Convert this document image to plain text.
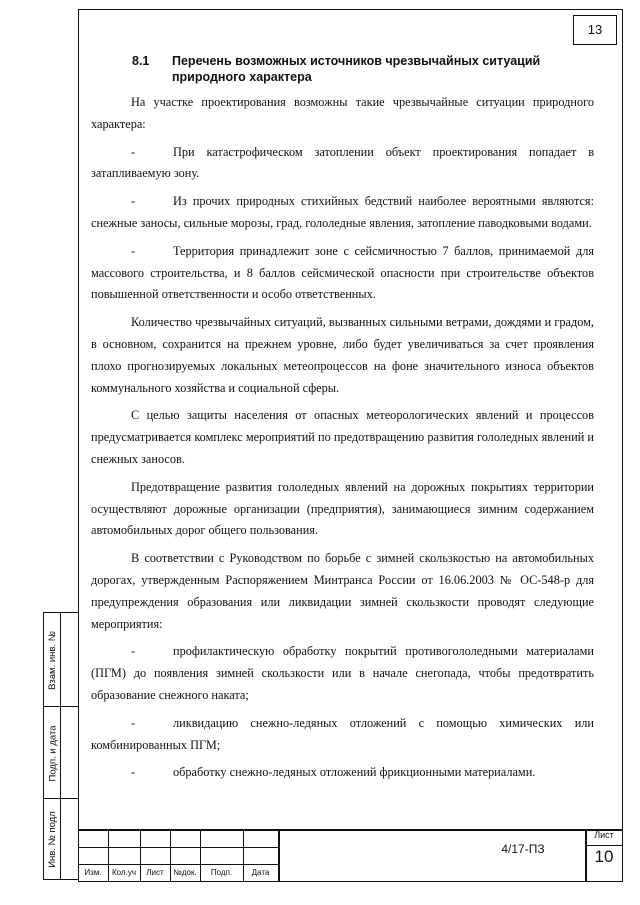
13
8.1 Перечень возможных источников чрезвычайных ситуаций природного характера

На участке проектирования возможны такие чрезвычайные ситуации природного характера:

-	При катастрофическом затоплении объект проектирования попадает в затапливаемую зону.

-	Из прочих природных стихийных бедствий наиболее вероятными являются: снежные заносы, сильные морозы, град, гололедные явления, затопление паводковыми водами.

-	Территория принадлежит зоне с сейсмичностью 7 баллов, принимаемой для массового строительства, и 8 баллов сейсмической опасности при строительстве объектов повышенной ответственности и особо ответственных.

Количество чрезвычайных ситуаций, вызванных сильными ветрами, дождями и градом, в основном, сохранится на прежнем уровне, либо будет увеличиваться за счет проявления плохо прогнозируемых локальных метеопроцессов на фоне значительного износа объектов коммунального хозяйства и социальной сферы.

С целью защиты населения от опасных метеорологических явлений и процессов предусматривается комплекс мероприятий по предотвращению развития гололедных явлений и снежных заносов.

Предотвращение развития гололедных явлений на дорожных покрытиях территории осуществляют дорожные организации (предприятия), занимающиеся зимним содержанием автомобильных дорог общего пользования.

В соответствии с Руководством по борьбе с зимней скользкостью на автомобильных дорогах, утвержденным Распоряжением Минтранса России от 16.06.2003 № ОС-548-р для предупреждения образования или ликвидации зимней скользкости проводят следующие мероприятия:

-	профилактическую обработку покрытий противогололедными материалами (ПГМ) до появления зимней скользкости или в начале снегопада, чтобы предотвратить образование снежного наката;

-	ликвидацию снежно-ледяных отложений с помощью химических или комбинированных ПГМ;

-	обработку снежно-ледяных отложений фрикционными материалами.

Взам. инв. №
Подп. и дата
Инв. № подл
Изм.	Кол.уч	Лист	№док.	Подп.	Дата
4/17-ПЗ
Лист
10
